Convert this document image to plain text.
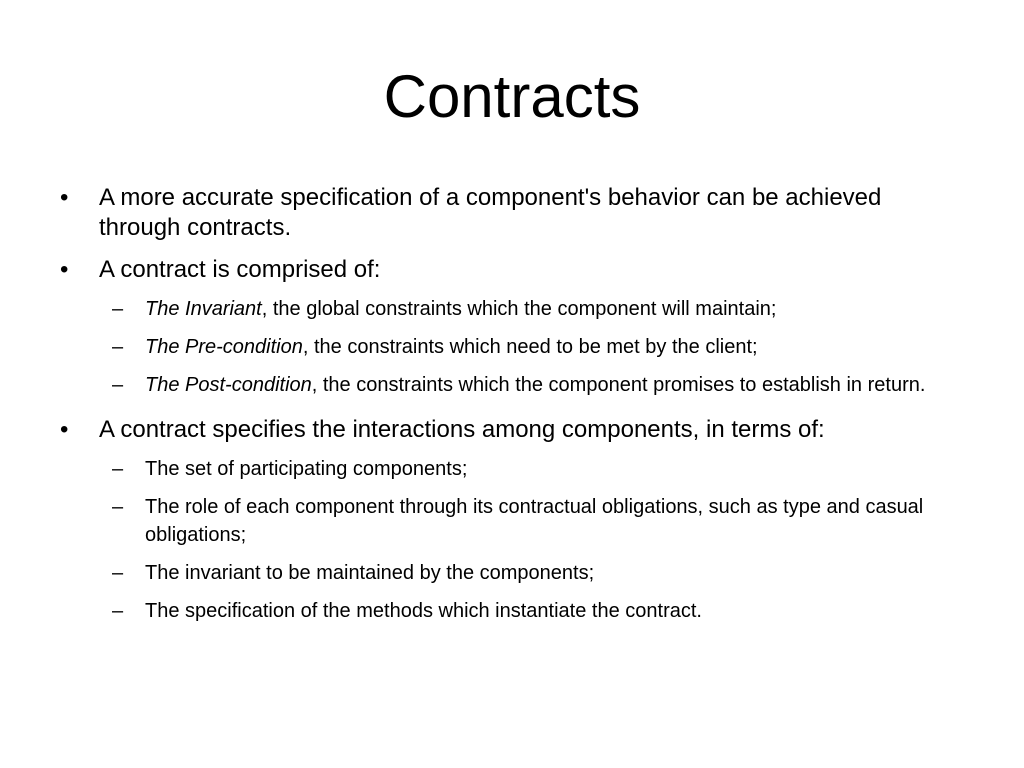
Contracts

•	A more accurate specification of a component's behavior can be achieved through contracts.

•	A contract is comprised of:

–	The Invariant, the global constraints which the component will maintain;

–	The Pre-condition, the constraints which need to be met by the client;

–	The Post-condition, the constraints which the component promises to establish in return.

•	A contract specifies the interactions among components, in terms of:

–	The set of participating components;

–	The role of each component through its contractual obligations, such as type and casual obligations;

–	The invariant to be maintained by the components;

–	The specification of the methods which instantiate the contract.
